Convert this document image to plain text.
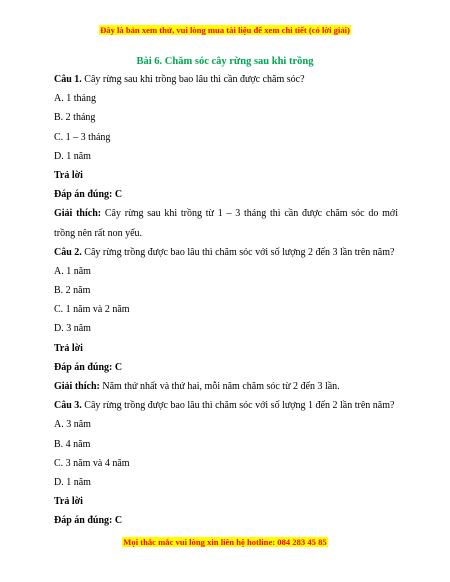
Đây là bản xem thử, vui lòng mua tài liệu để xem chi tiết (có lời giải)
Bài 6. Chăm sóc cây rừng sau khi trồng
Câu 1. Cây rừng sau khi trồng bao lâu thì cần được chăm sóc?
A. 1 tháng
B. 2 tháng
C. 1 – 3 tháng
D. 1 năm
Trả lời
Đáp án đúng: C
Giải thích: Cây rừng sau khi trồng từ 1 – 3 tháng thì cần được chăm sóc do mới trồng nên rất non yếu.
Câu 2. Cây rừng trồng được bao lâu thì chăm sóc với số lượng 2 đến 3 lần trên năm?
A. 1 năm
B. 2 năm
C. 1 năm và 2 năm
D. 3 năm
Trả lời
Đáp án đúng: C
Giải thích: Năm thứ nhất và thứ hai, mỗi năm chăm sóc từ 2 đến 3 lần.
Câu 3. Cây rừng trồng được bao lâu thì chăm sóc với số lượng 1 đến 2 lần trên năm?
A. 3 năm
B. 4 năm
C. 3 năm và 4 năm
D. 1 năm
Trả lời
Đáp án đúng: C
Mọi thắc mắc vui lòng xin liên hệ hotline: 084 283 45 85
